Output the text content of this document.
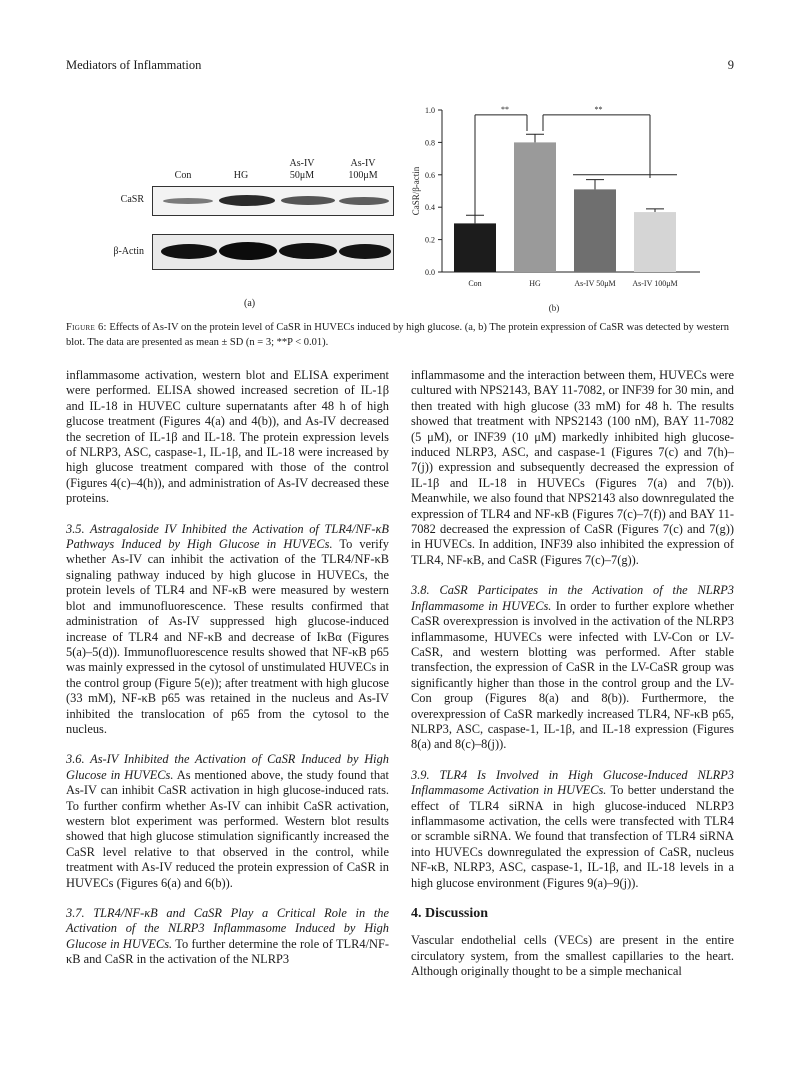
Mediators of Inflammation	9
Con	HG
As-IV
50μM
As-IV
100μM
CaSR
β-Actin
(a)
0.0
0.2
0.4
0.6
0.8
1.0
CaSR/β-actin
Con	HG	As-IV 50μM As-IV 100μM
**	**
(b)
Figure 6: Effects of As-IV on the protein level of CaSR in HUVECs induced by high glucose. (a, b) The protein expression of CaSR was detected by western blot. The data are presented as mean ± SD (n = 3; **P < 0.01).

inflammasome activation, western blot and ELISA experiment were performed. ELISA showed increased secretion of IL-1β and IL-18 in HUVEC culture supernatants after 48 h of high glucose treatment (Figures 4(a) and 4(b)), and As-IV decreased the secretion of IL-1β and IL-18. The protein expression levels of NLRP3, ASC, caspase-1, IL-1β, and IL-18 were increased by high glucose treatment compared with those of the control (Figures 4(c)–4(h)), and administration of As-IV decreased these proteins.

3.5. Astragaloside IV Inhibited the Activation of TLR4/NF-κB Pathways Induced by High Glucose in HUVECs. To verify whether As-IV can inhibit the activation of the TLR4/NF-κB signaling pathway induced by high glucose in HUVECs, the protein levels of TLR4 and NF-κB were measured by western blot and immunofluorescence. These results confirmed that administration of As-IV suppressed high glucose-induced increase of TLR4 and NF-κB and decrease of IκBα (Figures 5(a)–5(d)). Immunofluorescence results showed that NF-κB p65 was mainly expressed in the cytosol of unstimulated HUVECs in the control group (Figure 5(e)); after treatment with high glucose (33 mM), NF-κB p65 was retained in the nucleus and As-IV inhibited the translocation of p65 from the cytosol to the nucleus.

3.6. As-IV Inhibited the Activation of CaSR Induced by High Glucose in HUVECs. As mentioned above, the study found that As-IV can inhibit CaSR activation in high glucose-induced rats. To further confirm whether As-IV can inhibit CaSR activation, western blot experiment was performed. Western blot results showed that high glucose stimulation significantly increased the CaSR level relative to that observed in the control, while treatment with As-IV reduced the protein expression of CaSR in HUVECs (Figures 6(a) and 6(b)).

3.7. TLR4/NF-κB and CaSR Play a Critical Role in the Activation of the NLRP3 Inflammasome Induced by High Glucose in HUVECs. To further determine the role of TLR4/NF-κB and CaSR in the activation of the NLRP3

inflammasome and the interaction between them, HUVECs were cultured with NPS2143, BAY 11-7082, or INF39 for 30 min, and then treated with high glucose (33 mM) for 48 h. The results showed that treatment with NPS2143 (100 nM), BAY 11-7082 (5 μM), or INF39 (10 μM) markedly inhibited high glucose-induced NLRP3, ASC, and caspase-1 (Figures 7(c) and 7(h)–7(j)) expression and subsequently decreased the expression of IL-1β and IL-18 in HUVECs (Figures 7(a) and 7(b)). Meanwhile, we also found that NPS2143 also downregulated the expression of TLR4 and NF-κB (Figures 7(c)–7(f)) and BAY 11-7082 decreased the expression of CaSR (Figures 7(c) and 7(g)) in HUVECs. In addition, INF39 also inhibited the expression of TLR4, NF-κB, and CaSR (Figures 7(c)–7(g)).

3.8. CaSR Participates in the Activation of the NLRP3 Inflammasome in HUVECs. In order to further explore whether CaSR overexpression is involved in the activation of the NLRP3 inflammasome, HUVECs were infected with LV-Con or LV-CaSR, and western blotting was performed. After stable transfection, the expression of CaSR in the LV-CaSR group was significantly higher than those in the control group and the LV-Con group (Figures 8(a) and 8(b)). Furthermore, the overexpression of CaSR markedly increased TLR4, NF-κB p65, NLRP3, ASC, caspase-1, IL-1β, and IL-18 expression (Figures 8(a) and 8(c)–8(j)).

3.9. TLR4 Is Involved in High Glucose-Induced NLRP3 Inflammasome Activation in HUVECs. To better understand the effect of TLR4 siRNA in high glucose-induced NLRP3 inflammasome activation, the cells were transfected with TLR4 or scramble siRNA. We found that transfection of TLR4 siRNA into HUVECs downregulated the expression of CaSR, nucleus NF-κB, NLRP3, ASC, caspase-1, IL-1β, and IL-18 levels in a high glucose environment (Figures 9(a)–9(j)).

4. Discussion

Vascular endothelial cells (VECs) are present in the entire circulatory system, from the smallest capillaries to the heart. Although originally thought to be a simple mechanical
